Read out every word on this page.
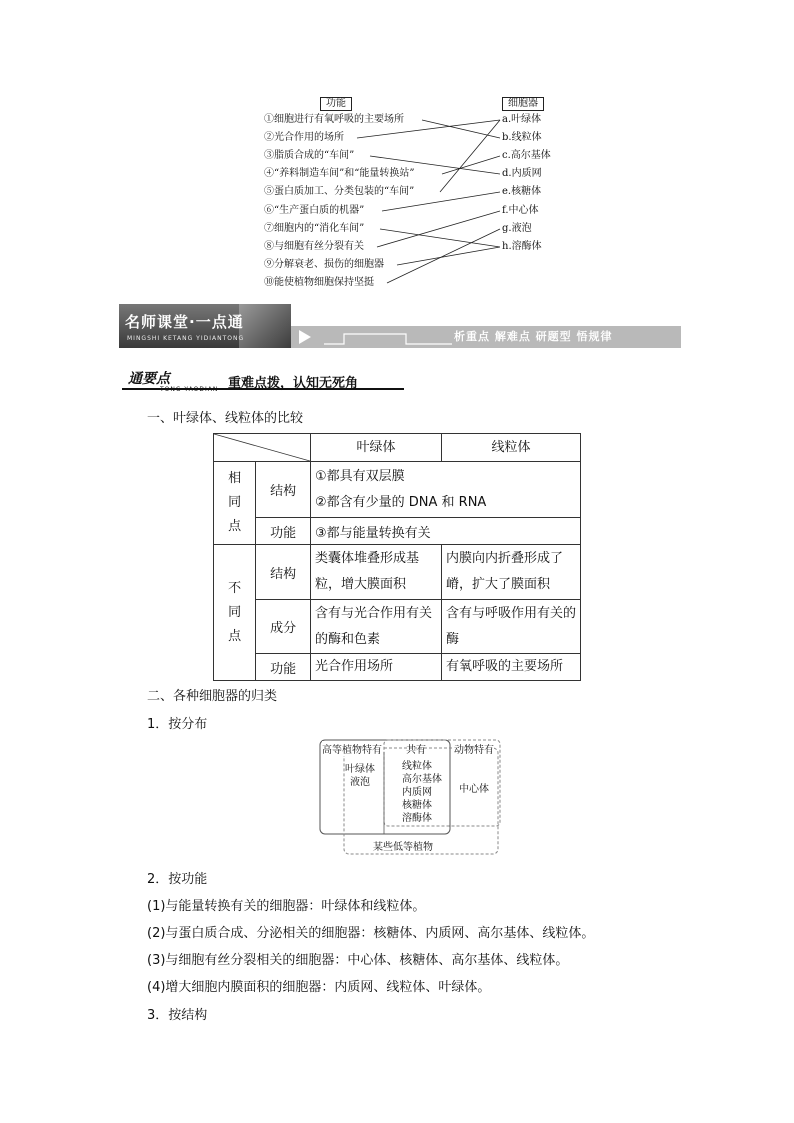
功能	细胞器
①细胞进行有氧呼吸的主要场所
②光合作用的场所
③脂质合成的“车间”
④“养料制造车间”和“能量转换站”
⑤蛋白质加工、分类包装的“车间”
⑥“生产蛋白质的机器”
⑦细胞内的“消化车间”
⑧与细胞有丝分裂有关
⑨分解衰老、损伤的细胞器
⑩能使植物细胞保持坚挺
a.叶绿体
b.线粒体
c.高尔基体
d.内质网
e.核糖体
f.中心体
g.液泡
h.溶酶体
名师课堂·一点通
MINGSHI KETANG YIDIANTONG	析重点 解难点 研题型 悟规律
通要点
TONG YAODIAN 重难点拨，认知无死角
一、叶绿体、线粒体的比较
	叶绿体	线粒体

相同点	结构	①都具有双层膜
②都含有少量的 DNA 和 RNA	

	功能	③都与能量转换有关	

不同点	结构	类囊体堆叠形成基粒，增大膜面积	内膜向内折叠形成了嵴，扩大了膜面积
	成分	含有与光合作用有关的酶和色素	含有与呼吸作用有关的酶
	功能	光合作用场所	有氧呼吸的主要场所
二、各种细胞器的归类
1．按分布
高等植物特有 共有	动物特有
叶绿体
液泡
线粒体
高尔基体
内质网
核糖体
溶酶体
中心体
某些低等植物
2．按功能
(1)与能量转换有关的细胞器：叶绿体和线粒体。
(2)与蛋白质合成、分泌相关的细胞器：核糖体、内质网、高尔基体、线粒体。
(3)与细胞有丝分裂相关的细胞器：中心体、核糖体、高尔基体、线粒体。
(4)增大细胞内膜面积的细胞器：内质网、线粒体、叶绿体。
3．按结构
